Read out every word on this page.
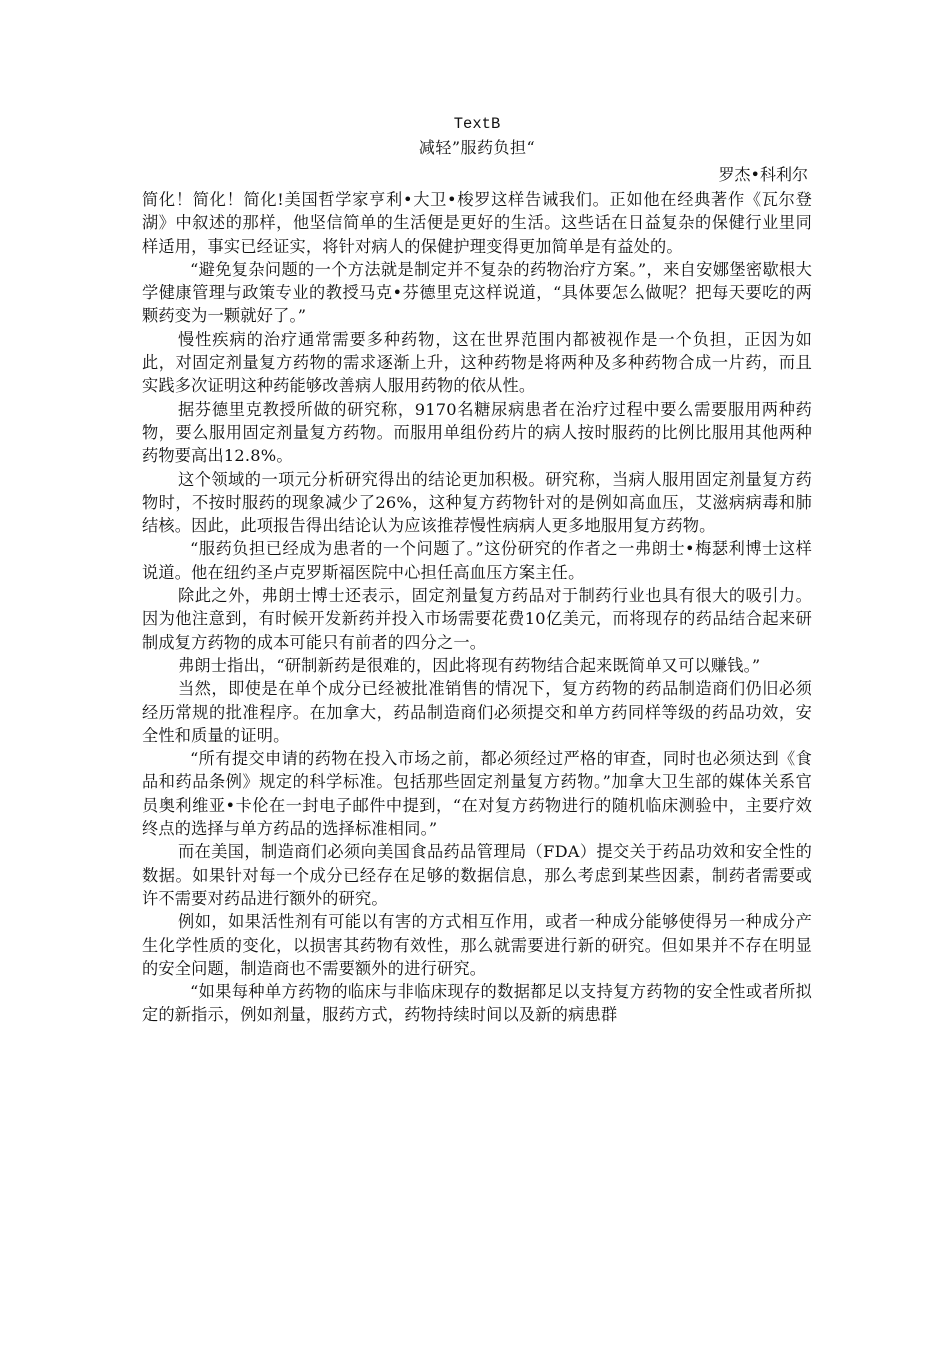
TextB

减轻”服药负担“

罗杰•科利尔

简化！简化！简化!美国哲学家亨利•大卫•梭罗这样告诫我们。正如他在经典著作《瓦尔登湖》中叙述的那样，他坚信简单的生活便是更好的生活。这些话在日益复杂的保健行业里同样适用，事实已经证实，将针对病人的保健护理变得更加简单是有益处的。

“避免复杂问题的一个方法就是制定并不复杂的药物治疗方案。”，来自安娜堡密歇根大学健康管理与政策专业的教授马克•芬德里克这样说道，“具体要怎么做呢？把每天要吃的两颗药变为一颗就好了。”

慢性疾病的治疗通常需要多种药物，这在世界范围内都被视作是一个负担，正因为如此，对固定剂量复方药物的需求逐渐上升，这种药物是将两种及多种药物合成一片药，而且实践多次证明这种药能够改善病人服用药物的依从性。

据芬德里克教授所做的研究称，9170名糖尿病患者在治疗过程中要么需要服用两种药物，要么服用固定剂量复方药物。而服用单组份药片的病人按时服药的比例比服用其他两种药物要高出12.8%。

这个领域的一项元分析研究得出的结论更加积极。研究称，当病人服用固定剂量复方药物时，不按时服药的现象减少了26%，这种复方药物针对的是例如高血压，艾滋病病毒和肺结核。因此，此项报告得出结论认为应该推荐慢性病病人更多地服用复方药物。

“服药负担已经成为患者的一个问题了。”这份研究的作者之一弗朗士•梅瑟利博士这样说道。他在纽约圣卢克罗斯福医院中心担任高血压方案主任。

除此之外，弗朗士博士还表示，固定剂量复方药品对于制药行业也具有很大的吸引力。因为他注意到，有时候开发新药并投入市场需要花费10亿美元，而将现存的药品结合起来研制成复方药物的成本可能只有前者的四分之一。

弗朗士指出，“研制新药是很难的，因此将现有药物结合起来既简单又可以赚钱。”

当然，即使是在单个成分已经被批准销售的情况下，复方药物的药品制造商们仍旧必须经历常规的批准程序。在加拿大，药品制造商们必须提交和单方药同样等级的药品功效，安全性和质量的证明。

“所有提交申请的药物在投入市场之前，都必须经过严格的审查，同时也必须达到《食品和药品条例》规定的科学标准。包括那些固定剂量复方药物。”加拿大卫生部的媒体关系官员奥利维亚•卡伦在一封电子邮件中提到，“在对复方药物进行的随机临床测验中，主要疗效终点的选择与单方药品的选择标准相同。”

而在美国，制造商们必须向美国食品药品管理局（FDA）提交关于药品功效和安全性的数据。如果针对每一个成分已经存在足够的数据信息，那么考虑到某些因素，制药者需要或许不需要对药品进行额外的研究。

例如，如果活性剂有可能以有害的方式相互作用，或者一种成分能够使得另一种成分产生化学性质的变化，以损害其药物有效性，那么就需要进行新的研究。但如果并不存在明显的安全问题，制造商也不需要额外的进行研究。

“如果每种单方药物的临床与非临床现存的数据都足以支持复方药物的安全性或者所拟定的新指示，例如剂量，服药方式，药物持续时间以及新的病患群
